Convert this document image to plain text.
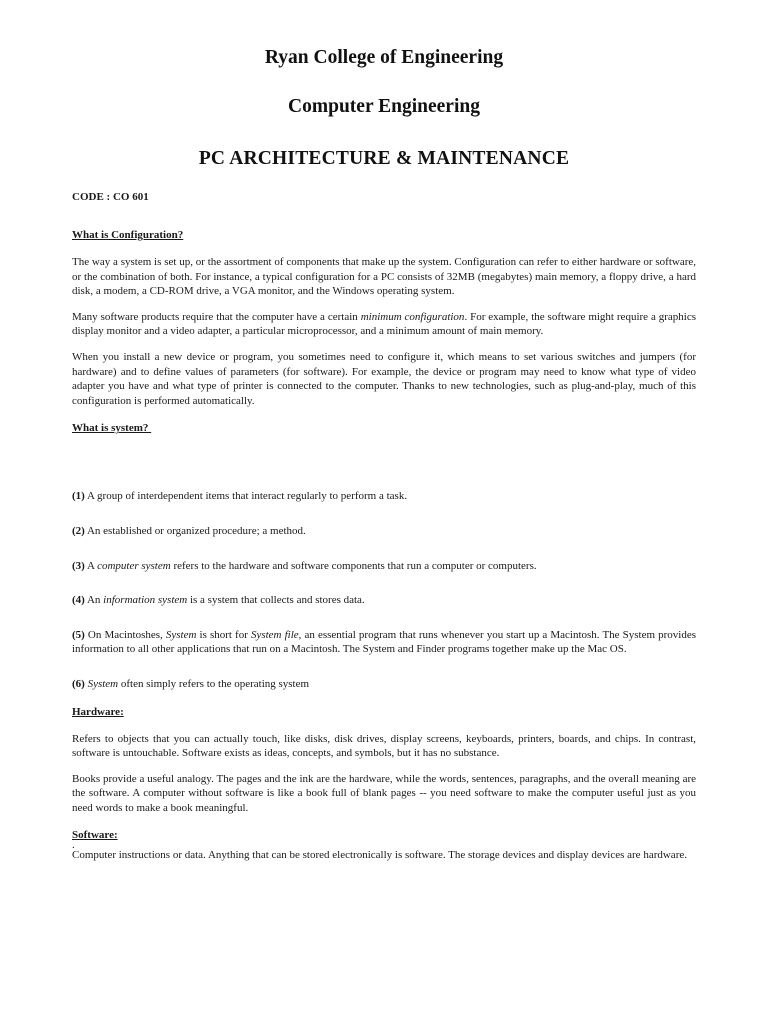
Ryan College of Engineering

Computer Engineering

PC ARCHITECTURE & MAINTENANCE

CODE : CO 601

What is Configuration?

The way a system is set up, or the assortment of components that make up the system. Configuration can refer to either hardware or software, or the combination of both. For instance, a typical configuration for a PC consists of 32MB (megabytes) main memory, a floppy drive, a hard disk, a modem, a CD-ROM drive, a VGA monitor, and the Windows operating system.

Many software products require that the computer have a certain minimum configuration. For example, the software might require a graphics display monitor and a video adapter, a particular microprocessor, and a minimum amount of main memory.

When you install a new device or program, you sometimes need to configure it, which means to set various switches and jumpers (for hardware) and to define values of parameters (for software). For example, the device or program may need to know what type of video adapter you have and what type of printer is connected to the computer. Thanks to new technologies, such as plug-and-play, much of this configuration is performed automatically.

What is system?

(1) A group of interdependent items that interact regularly to perform a task.

(2) An established or organized procedure; a method.

(3) A computer system refers to the hardware and software components that run a computer or computers.

(4) An information system is a system that collects and stores data.

(5) On Macintoshes, System is short for System file, an essential program that runs whenever you start up a Macintosh. The System provides information to all other applications that run on a Macintosh. The System and Finder programs together make up the Mac OS.

(6) System often simply refers to the operating system

Hardware:

Refers to objects that you can actually touch, like disks, disk drives, display screens, keyboards, printers, boards, and chips. In contrast, software is untouchable. Software exists as ideas, concepts, and symbols, but it has no substance.

Books provide a useful analogy. The pages and the ink are the hardware, while the words, sentences, paragraphs, and the overall meaning are the software. A computer without software is like a book full of blank pages -- you need software to make the computer useful just as you need words to make a book meaningful.

Software:

.

Computer instructions or data. Anything that can be stored electronically is software. The storage devices and display devices are hardware.
